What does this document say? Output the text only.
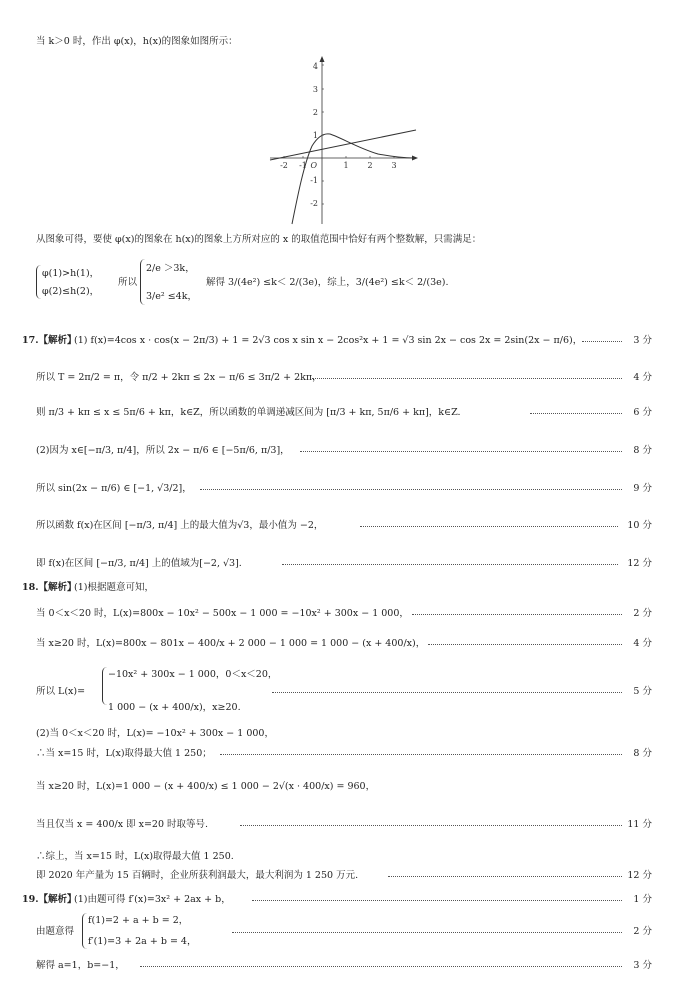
当 k＞0 时，作出 φ(x)，h(x)的图象如图所示：
-2 -1	1 2 3
O
4
3
2
1
-1
-2
从图象可得，要使 φ(x)的图象在 h(x)的图象上方所对应的 x 的取值范围中恰好有两个整数解，只需满足：
φ(1)>h(1)，
φ(2)≤h(2)，
所以
2/e ＞3k，
3/e² ≤4k，
解得 3/(4e²) ≤k＜ 2/(3e)，综上，3/(4e²) ≤k＜ 2/(3e).
17.【解析】
(1) f(x)=4cos x · cos(x − 2π/3) + 1 = 2√3 cos x sin x − 2cos²x + 1 = √3 sin 2x − cos 2x = 2sin(2x − π/6)，	3 分
所以 T = 2π/2 = π，令 π/2 + 2kπ ≤ 2x − π/6 ≤ 3π/2 + 2kπ，	4 分
则 π/3 + kπ ≤ x ≤ 5π/6 + kπ，k∈Z，所以函数的单调递减区间为 [π/3 + kπ, 5π/6 + kπ]，k∈Z.	6 分
(2)因为 x∈[−π/3, π/4]，所以 2x − π/6 ∈ [−5π/6, π/3]，	8 分
所以 sin(2x − π/6) ∈ [−1, √3/2]，	9 分
所以函数 f(x)在区间 [−π/3, π/4] 上的最大值为√3，最小值为 −2，	10 分
即 f(x)在区间 [−π/3, π/4] 上的值域为[−2, √3].	12 分
18.【解析】
(1)根据题意可知，
当 0＜x＜20 时，L(x)=800x − 10x² − 500x − 1 000 = −10x² + 300x − 1 000，	2 分
当 x≥20 时，L(x)=800x − 801x − 400/x + 2 000 − 1 000 = 1 000 − (x + 400/x)，	4 分
−10x² + 300x − 1 000，0＜x＜20，
所以 L(x)=	5 分
1 000 − (x + 400/x)，x≥20.
(2)当 0＜x＜20 时，L(x)= −10x² + 300x − 1 000，
∴当 x=15 时，L(x)取得最大值 1 250；	8 分
当 x≥20 时，L(x)=1 000 − (x + 400/x) ≤ 1 000 − 2√(x · 400/x) = 960，
当且仅当 x = 400/x 即 x=20 时取等号.	11 分
∴综上，当 x=15 时，L(x)取得最大值 1 250.
即 2020 年产量为 15 百辆时，企业所获利润最大，最大利润为 1 250 万元.	12 分
19.【解析】
(1)由题可得 f′(x)=3x² + 2ax + b，	1 分
f(1)=2 + a + b = 2，
由题意得	2 分
f′(1)=3 + 2a + b = 4，
解得 a=1，b=−1，	3 分
